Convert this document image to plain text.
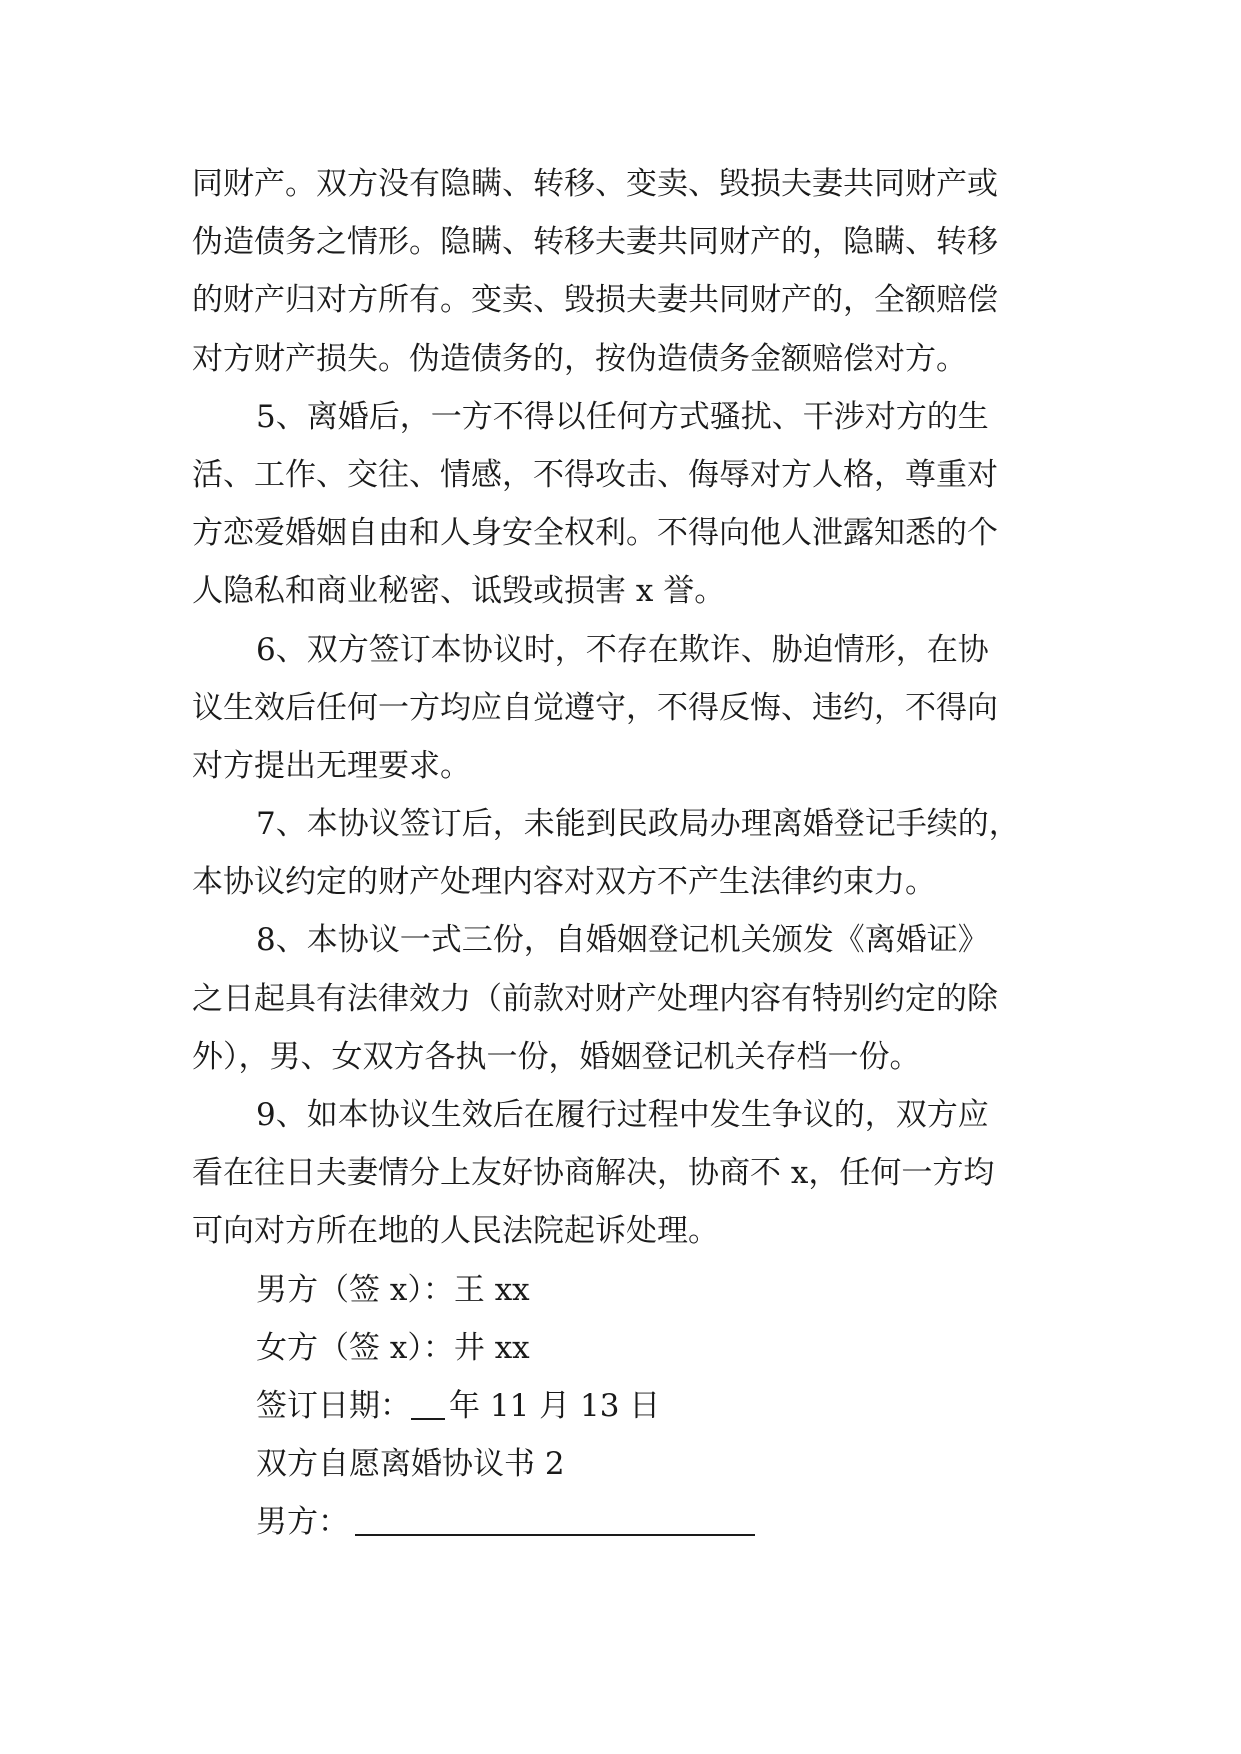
同财产。双方没有隐瞒、转移、变卖、毁损夫妻共同财产或
伪造债务之情形。隐瞒、转移夫妻共同财产的，隐瞒、转移
的财产归对方所有。变卖、毁损夫妻共同财产的，全额赔偿
对方财产损失。伪造债务的，按伪造债务金额赔偿对方。
5、离婚后，一方不得以任何方式骚扰、干涉对方的生
活、工作、交往、情感，不得攻击、侮辱对方人格，尊重对
方恋爱婚姻自由和人身安全权利。不得向他人泄露知悉的个
人隐私和商业秘密、诋毁或损害 x 誉。
6、双方签订本协议时，不存在欺诈、胁迫情形，在协
议生效后任何一方均应自觉遵守，不得反悔、违约，不得向
对方提出无理要求。
7、本协议签订后，未能到民政局办理离婚登记手续的，
本协议约定的财产处理内容对双方不产生法律约束力。
8、本协议一式三份，自婚姻登记机关颁发《离婚证》
之日起具有法律效力（前款对财产处理内容有特别约定的除
外），男、女双方各执一份，婚姻登记机关存档一份。
9、如本协议生效后在履行过程中发生争议的，双方应
看在往日夫妻情分上友好协商解决，协商不 x，任何一方均
可向对方所在地的人民法院起诉处理。
男方（签 x）：王 xx
女方（签 x）：井 xx
签订日期： 年 11 月 13 日
双方自愿离婚协议书 2
男方：
